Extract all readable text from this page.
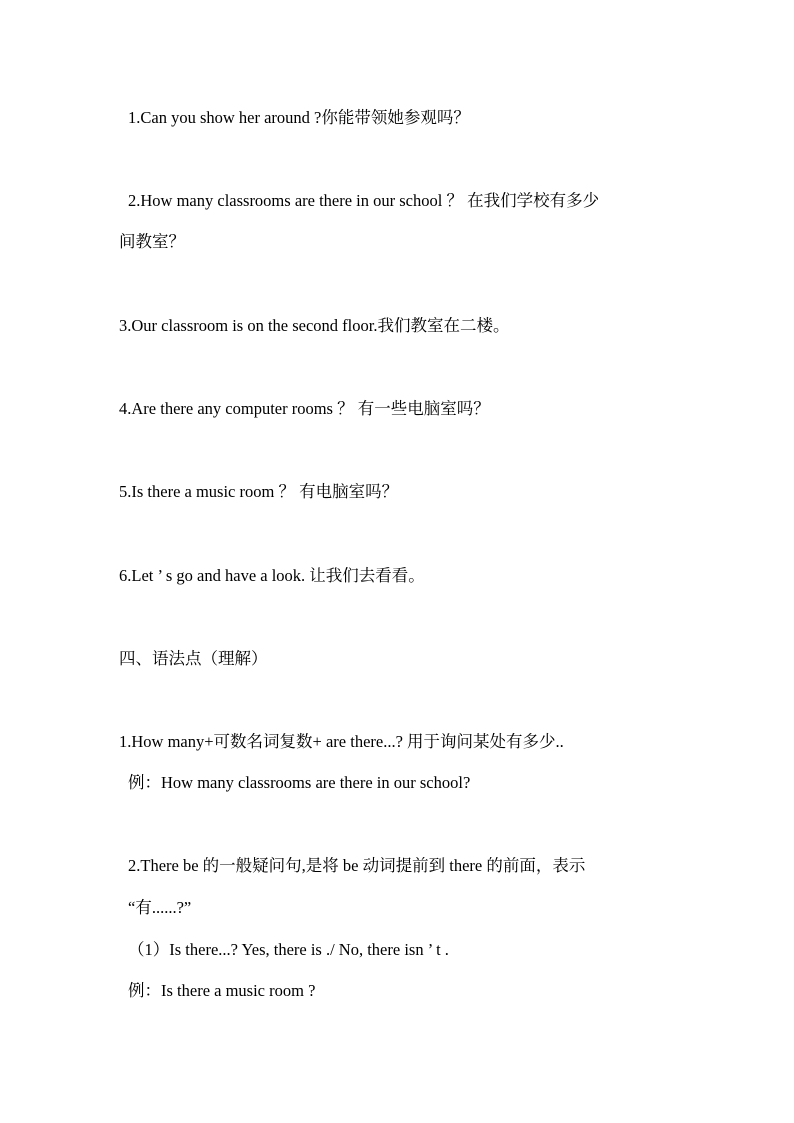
1.Can you show her around ?你能带领她参观吗？
2.How many classrooms are there in our school ？ 在我们学校有多少
间教室？
3.Our classroom is on the second floor.我们教室在二楼。
4.Are there any computer rooms ？ 有一些电脑室吗？
5.Is there a music room ？ 有电脑室吗？
6.Let ’ s go and have a look. 让我们去看看。
四、语法点（理解）
1.How many+可数名词复数+ are there...? 用于询问某处有多少..
例：How many classrooms are there in our school?
2.There be 的一般疑问句,是将 be 动词提前到 there 的前面，表示
“有......?”
（1）Is there...? Yes, there is ./ No, there isn ’ t .
例：Is there a music room ?
